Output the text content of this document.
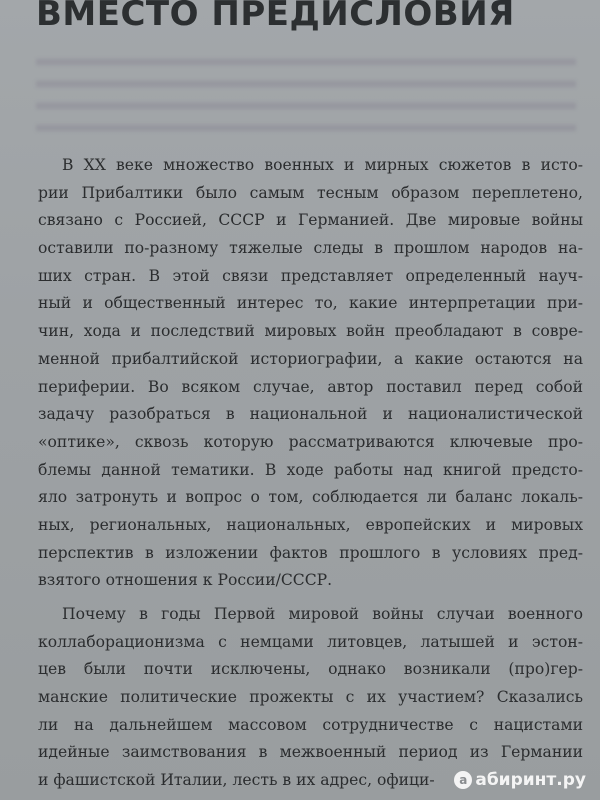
ВМЕСТО ПРЕДИСЛОВИЯ
В XX веке множество военных и мирных сюжетов в исто-
рии Прибалтики было самым тесным образом переплетено,
связано с Россией, СССР и Германией. Две мировые войны
оставили по-разному тяжелые следы в прошлом народов на-
ших стран. В этой связи представляет определенный науч-
ный и общественный интерес то, какие интерпретации при-
чин, хода и последствий мировых войн преобладают в совре-
менной прибалтийской историографии, а какие остаются на
периферии. Во всяком случае, автор поставил перед собой
задачу разобраться в национальной и националистической
«оптике», сквозь которую рассматриваются ключевые про-
блемы данной тематики. В ходе работы над книгой предсто-
яло затронуть и вопрос о том, соблюдается ли баланс локаль-
ных, региональных, национальных, европейских и мировых
перспектив в изложении фактов прошлого в условиях пред-
взятого отношения к России/СССР.
Почему в годы Первой мировой войны случаи военного
коллаборационизма с немцами литовцев, латышей и эстон-
цев были почти исключены, однако возникали (про)гер-
манские политические прожекты с их участием? Сказались
ли на дальнейшем массовом сотрудничестве с нацистами
идейные заимствования в межвоенный период из Германии
и фашистской Италии, лесть в их адрес, офици-	а абиринт.ру
